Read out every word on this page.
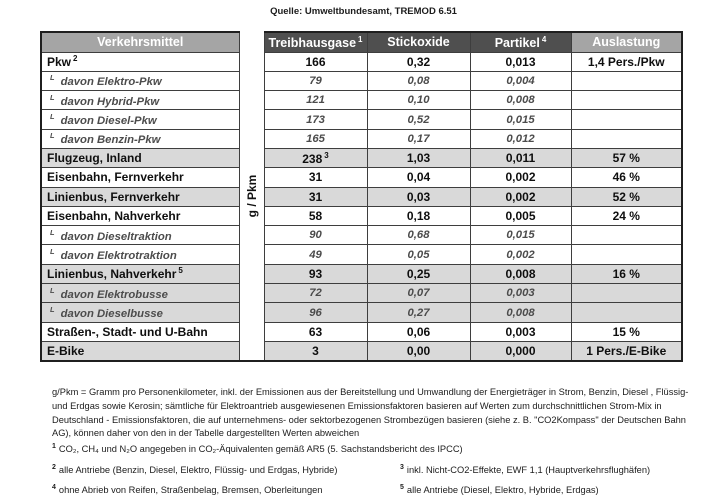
Quelle: Umweltbundesamt, TREMOD 6.51
Verkehrsmittel	g / Pkm	Treibhausgase $^1$	Stickoxide	Partikel $^4$	Auslastung
Pkw $^2$		166	0,32	0,013	1,4 Pers./Pkw
$^L$ davon Elektro-Pkw		79	0,08	0,004	
$^L$ davon Hybrid-Pkw		121	0,10	0,008	
$^L$ davon Diesel-Pkw		173	0,52	0,015	
$^L$ davon Benzin-Pkw		165	0,17	0,012	
Flugzeug, Inland		238 $^3$	1,03	0,011	57 %
Eisenbahn, Fernverkehr		31	0,04	0,002	46 %
Linienbus, Fernverkehr		31	0,03	0,002	52 %
Eisenbahn, Nahverkehr		58	0,18	0,005	24 %
$^L$ davon Dieseltraktion		90	0,68	0,015	
$^L$ davon Elektrotraktion		49	0,05	0,002	
Linienbus, Nahverkehr $^5$		93	0,25	0,008	16 %
$^L$ davon Elektrobusse		72	0,07	0,003	
$^L$ davon Dieselbusse		96	0,27	0,008	
Straßen-, Stadt- und U-Bahn		63	0,06	0,003	15 %
E-Bike		3	0,00	0,000	1 Pers./E-Bike
g/Pkm = Gramm pro Personenkilometer, inkl. der Emissionen aus der Bereitstellung und Umwandlung der Energieträger in Strom, Benzin, Diesel , Flüssig- und Erdgas sowie Kerosin; sämtliche für Elektroantrieb ausgewiesenen Emissionsfaktoren basieren auf Werten zum durchschnittlichen Strom-Mix in Deutschland - Emissionsfaktoren, die auf unternehmens- oder sektorbezogenen Strombezügen basieren (siehe z. B. "CO2Kompass" der Deutschen Bahn AG), können daher von den in der Tabelle dargestellten Werten abweichen
$^1$ CO₂, CH₄ und N₂O angegeben in CO₂-Äquivalenten gemäß AR5 (5. Sachstandsbericht des IPCC)
$^2$ alle Antriebe (Benzin, Diesel, Elektro, Flüssig- und Erdgas, Hybride)	$^3$ inkl. Nicht-CO2-Effekte, EWF 1,1 (Hauptverkehrsflughäfen)
$^4$ ohne Abrieb von Reifen, Straßenbelag, Bremsen, Oberleitungen	$^5$ alle Antriebe (Diesel, Elektro, Hybride, Erdgas)
